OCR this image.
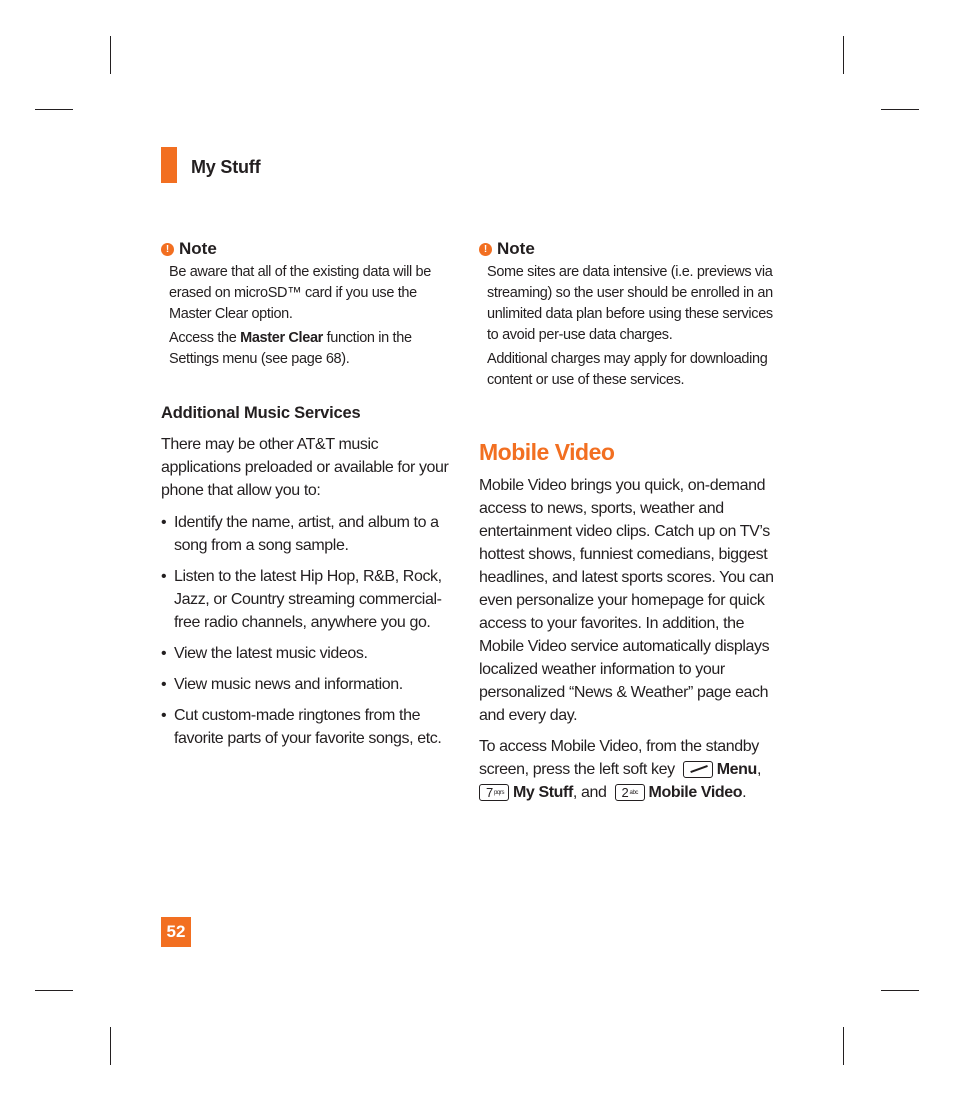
My Stuff
! Note

Be aware that all of the existing data will be erased on microSD™ card if you use the Master Clear option.

Access the Master Clear function in the Settings menu (see page 68).

Additional Music Services

There may be other AT&T music applications preloaded or available for your phone that allow you to:

• Identify the name, artist, and album to a song from a song sample.
• Listen to the latest Hip Hop, R&B, Rock, Jazz, or Country streaming commercial-free radio channels, anywhere you go.
• View the latest music videos.
• View music news and information.
• Cut custom-made ringtones from the favorite parts of your favorite songs, etc.
! Note

Some sites are data intensive (i.e. previews via streaming) so the user should be enrolled in an unlimited data plan before using these services to avoid per-use data charges.

Additional charges may apply for downloading content or use of these services.

Mobile Video

Mobile Video brings you quick, on-demand access to news, sports, weather and entertainment video clips. Catch up on TV’s hottest shows, funniest comedians, biggest headlines, and latest sports scores. You can even personalize your homepage for quick access to your favorites. In addition, the Mobile Video service automatically displays localized weather information to your personalized “News & Weather” page each and every day.

To access Mobile Video, from the standby screen, press the left soft key
Menu,

7 pqrs My Stuff, and 2 abc Mobile Video.

52
